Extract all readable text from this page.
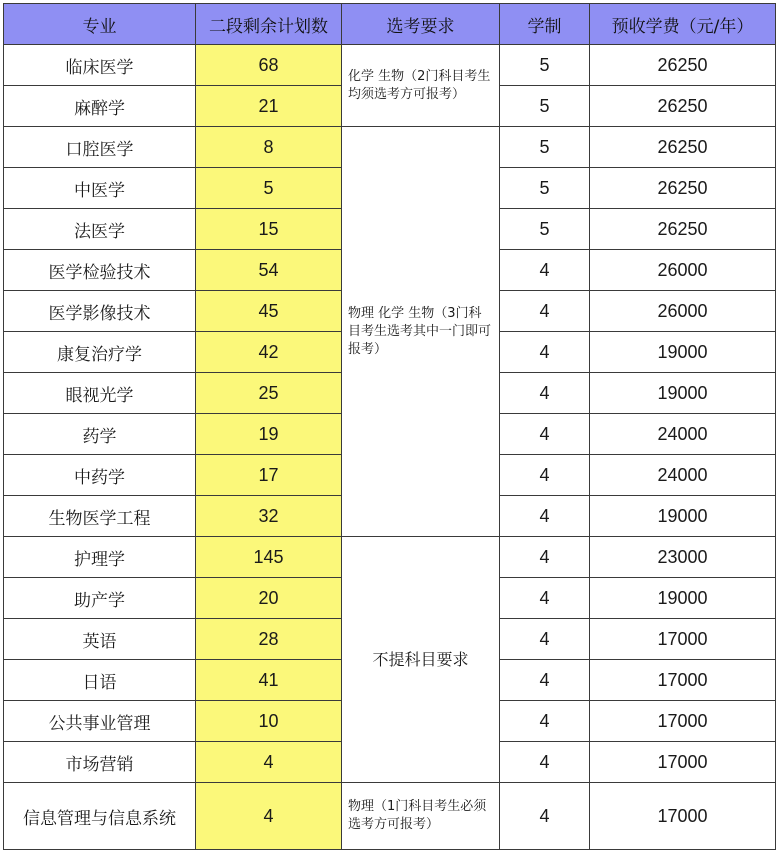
专业	二段剩余计划数	选考要求	学制	预收学费（元/年）
临床医学	68	化学 生物（2门科目考生均须选考方可报考）	5	26250
麻醉学	21		5	26250
口腔医学	8	物理 化学 生物（3门科目考生选考其中一门即可报考）	5	26250
中医学	5		5	26250
法医学	15		5	26250
医学检验技术	54		4	26000
医学影像技术	45		4	26000
康复治疗学	42		4	19000
眼视光学	25		4	19000
药学	19		4	24000
中药学	17		4	24000
生物医学工程	32		4	19000
护理学	145	不提科目要求	4	23000
助产学	20		4	19000
英语	28		4	17000
日语	41		4	17000
公共事业管理	10		4	17000
市场营销	4		4	17000
信息管理与信息系统	4	物理（1门科目考生必须选考方可报考）	4	17000
